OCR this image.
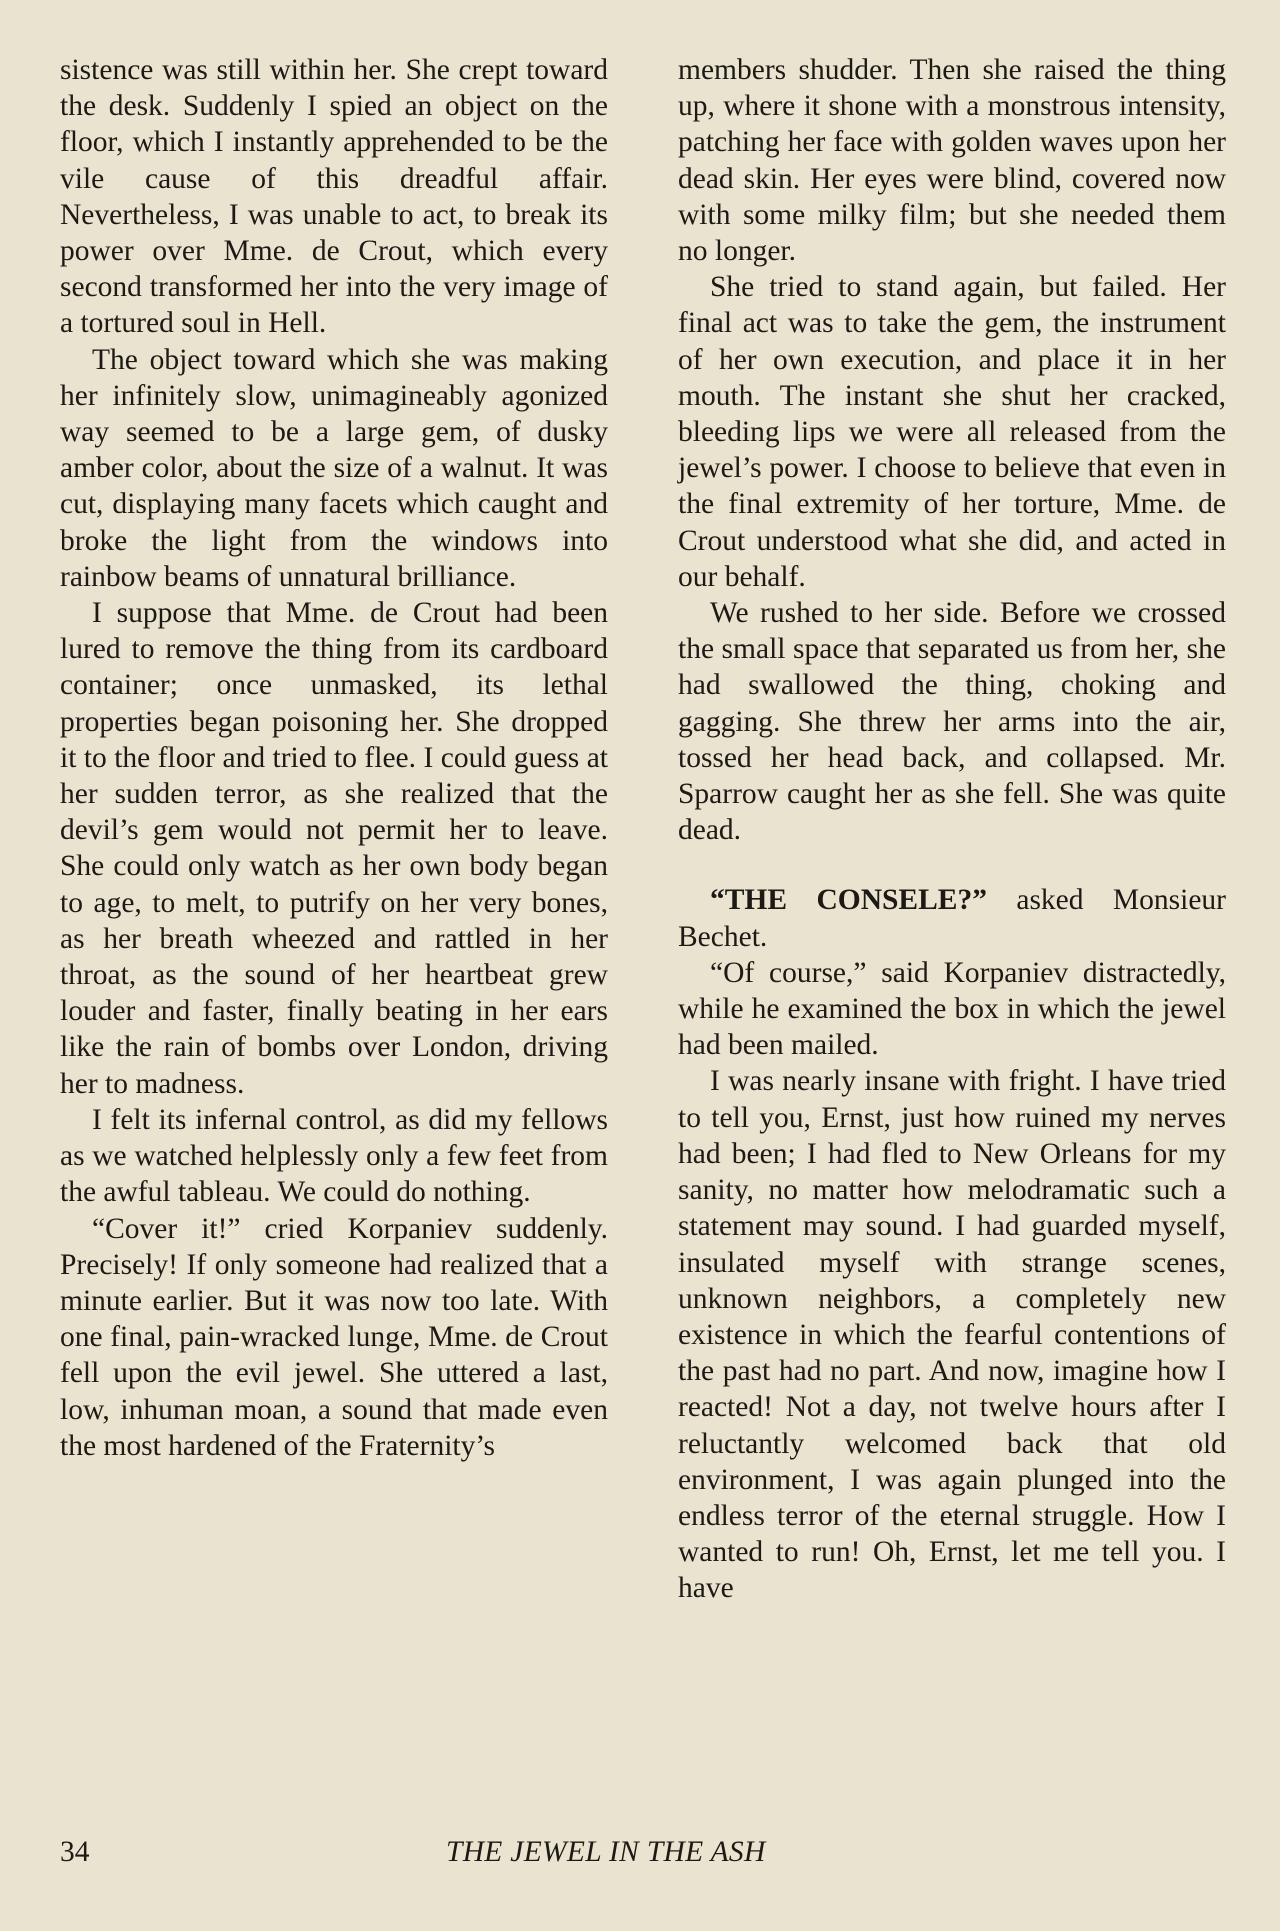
sistence was still within her. She crept toward the desk. Suddenly I spied an object on the floor, which I instantly apprehended to be the vile cause of this dreadful affair. Nevertheless, I was unable to act, to break its power over Mme. de Crout, which every second transformed her into the very image of a tortured soul in Hell.

The object toward which she was making her infinitely slow, unimagineably agonized way seemed to be a large gem, of dusky amber color, about the size of a walnut. It was cut, displaying many facets which caught and broke the light from the windows into rainbow beams of unnatural brilliance.

I suppose that Mme. de Crout had been lured to remove the thing from its cardboard container; once unmasked, its lethal properties began poisoning her. She dropped it to the floor and tried to flee. I could guess at her sudden terror, as she realized that the devil’s gem would not permit her to leave. She could only watch as her own body began to age, to melt, to putrify on her very bones, as her breath wheezed and rattled in her throat, as the sound of her heartbeat grew louder and faster, finally beating in her ears like the rain of bombs over London, driving her to madness.

I felt its infernal control, as did my fellows as we watched helplessly only a few feet from the awful tableau. We could do nothing.

“Cover it!” cried Korpaniev suddenly. Precisely! If only someone had realized that a minute earlier. But it was now too late. With one final, pain-wracked lunge, Mme. de Crout fell upon the evil jewel. She uttered a last, low, inhuman moan, a sound that made even the most hardened of the Fraternity’s

members shudder. Then she raised the thing up, where it shone with a monstrous intensity, patching her face with golden waves upon her dead skin. Her eyes were blind, covered now with some milky film; but she needed them no longer.

She tried to stand again, but failed. Her final act was to take the gem, the instrument of her own execution, and place it in her mouth. The instant she shut her cracked, bleeding lips we were all released from the jewel’s power. I choose to believe that even in the final extremity of her torture, Mme. de Crout understood what she did, and acted in our behalf.

We rushed to her side. Before we crossed the small space that separated us from her, she had swallowed the thing, choking and gagging. She threw her arms into the air, tossed her head back, and collapsed. Mr. Sparrow caught her as she fell. She was quite dead.

“THE CONSELE?” asked Monsieur Bechet.

“Of course,” said Korpaniev distractedly, while he examined the box in which the jewel had been mailed.

I was nearly insane with fright. I have tried to tell you, Ernst, just how ruined my nerves had been; I had fled to New Orleans for my sanity, no matter how melodramatic such a statement may sound. I had guarded myself, insulated myself with strange scenes, unknown neighbors, a completely new existence in which the fearful contentions of the past had no part. And now, imagine how I reacted! Not a day, not twelve hours after I reluctantly welcomed back that old environment, I was again plunged into the endless terror of the eternal struggle. How I wanted to run! Oh, Ernst, let me tell you. I have

34	THE JEWEL IN THE ASH
